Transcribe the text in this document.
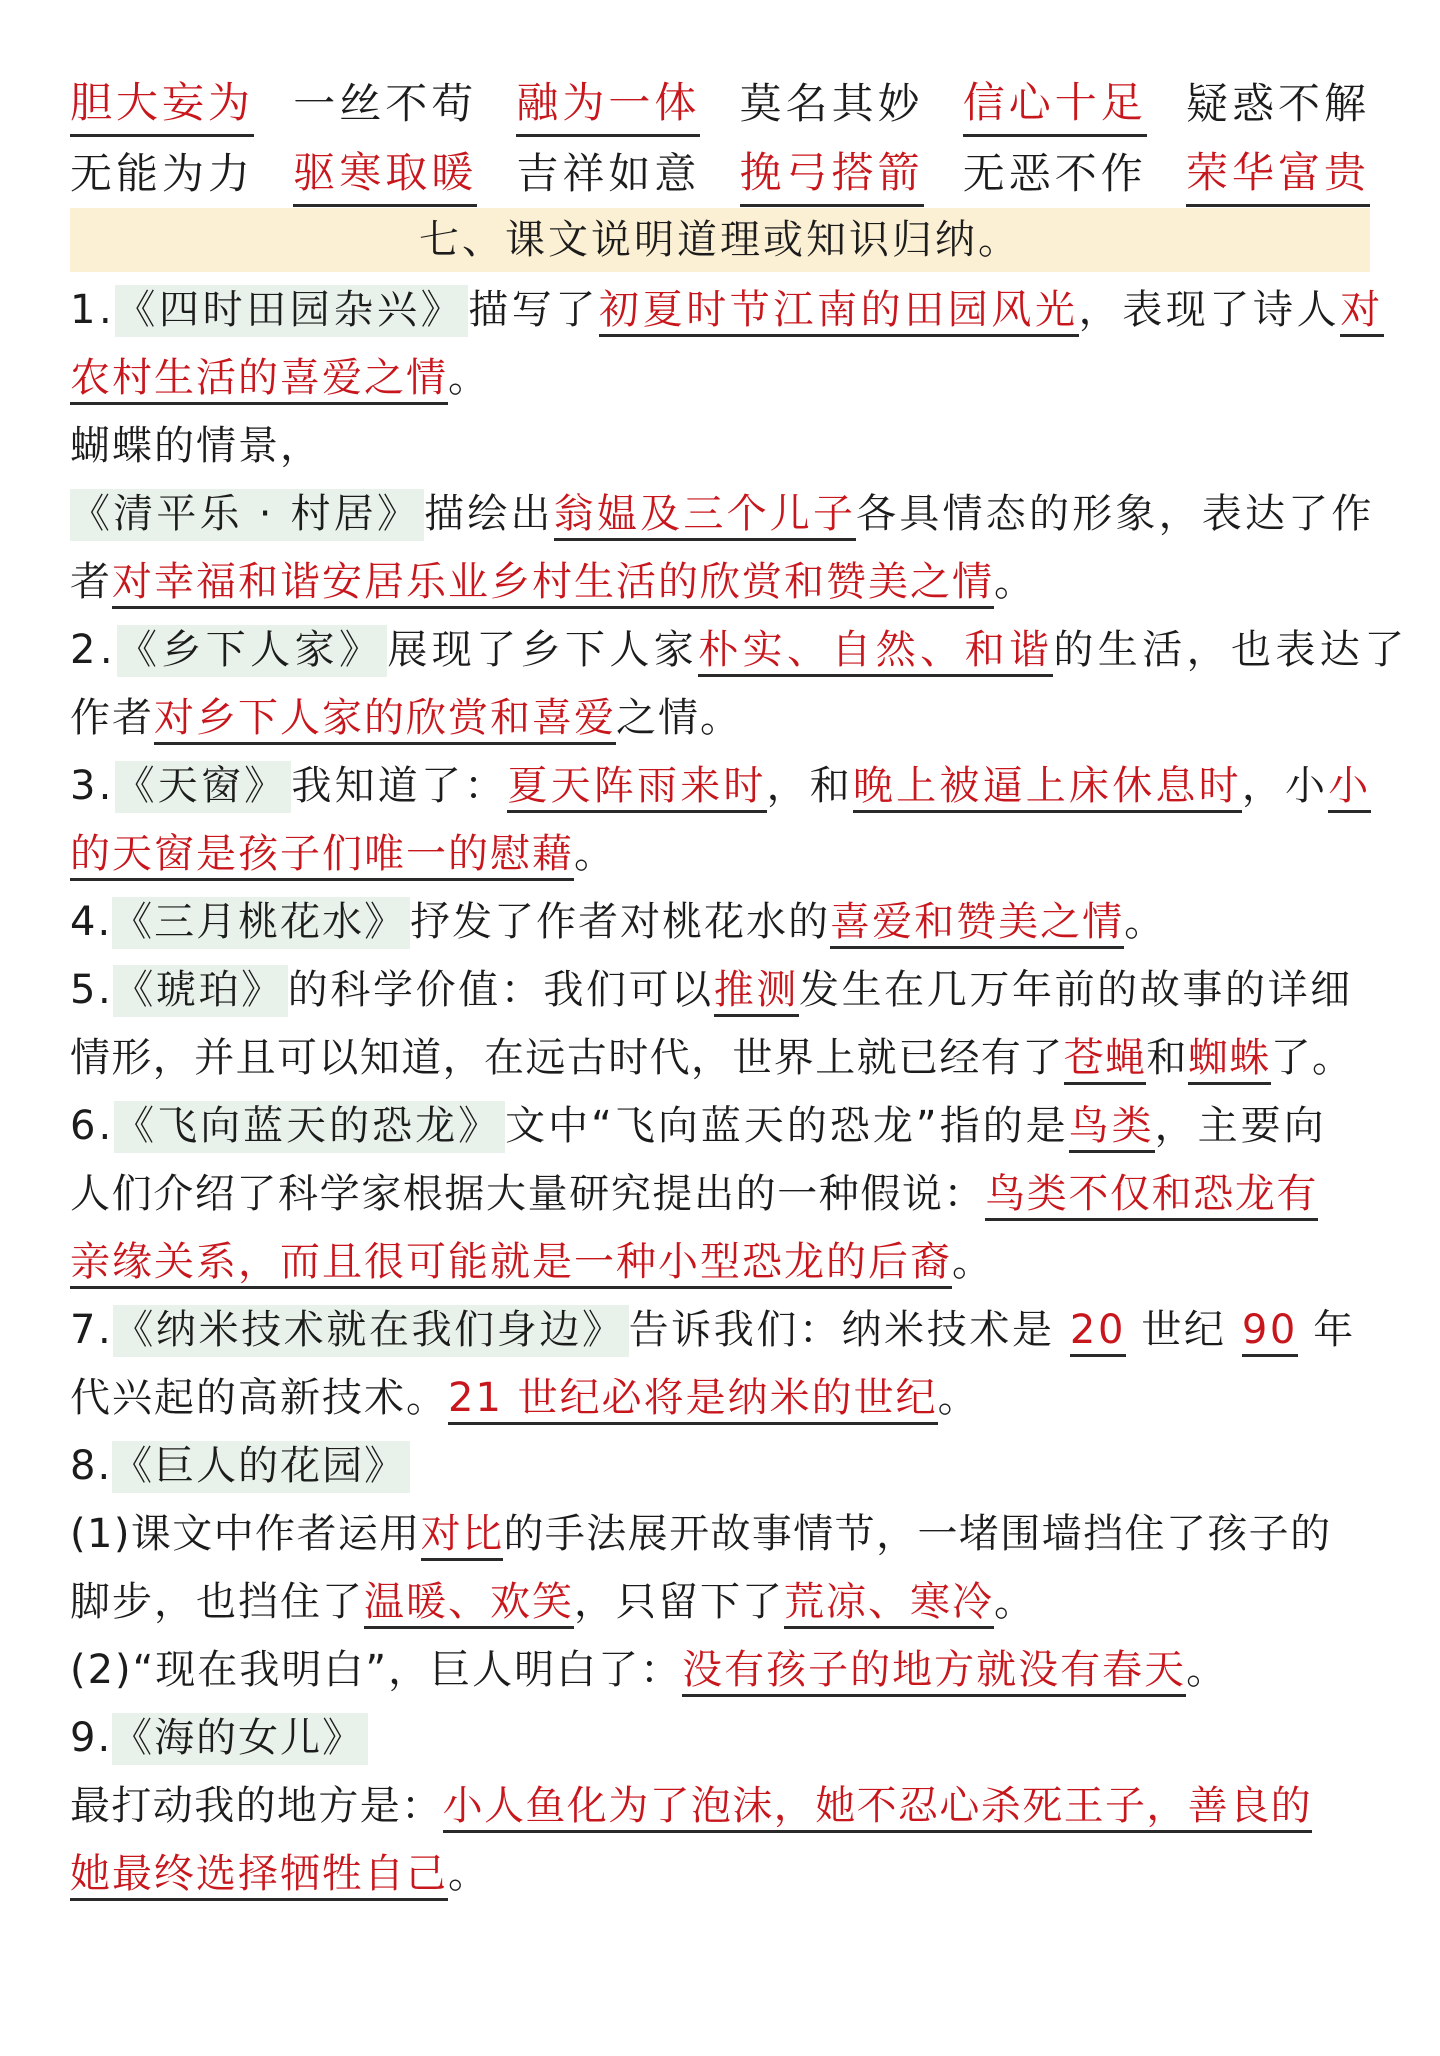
胆大妄为 一丝不苟 融为一体 莫名其妙 信心十足 疑惑不解
无能为力 驱寒取暖 吉祥如意 挽弓搭箭 无恶不作 荣华富贵
七、课文说明道理或知识归纳。
1.《四时田园杂兴》 描写了初夏时节江南的田园风光，表现了诗人对
农村生活的喜爱之情。
蝴蝶的情景，
《清平乐 · 村居》 描绘出翁媪及三个儿子各具情态的形象，表达了作
者对幸福和谐安居乐业乡村生活的欣赏和赞美之情。
2.《乡下人家》 展现了乡下人家朴实、自然、和谐的生活，也表达了
作者对乡下人家的欣赏和喜爱之情。
3.《天窗》 我知道了：夏天阵雨来时，和晚上被逼上床休息时，小小
的天窗是孩子们唯一的慰藉。
4.《三月桃花水》 抒发了作者对桃花水的喜爱和赞美之情。
5.《琥珀》 的科学价值：我们可以推测发生在几万年前的故事的详细
情形，并且可以知道，在远古时代，世界上就已经有了苍蝇和蜘蛛了。
6.《飞向蓝天的恐龙》 文中“飞向蓝天的恐龙”指的是鸟类，主要向
人们介绍了科学家根据大量研究提出的一种假说：鸟类不仅和恐龙有
亲缘关系，而且很可能就是一种小型恐龙的后裔。
7.《纳米技术就在我们身边》 告诉我们：纳米技术是 20 世纪 90 年
代兴起的高新技术。21 世纪必将是纳米的世纪。
8.《巨人的花园》
(1)课文中作者运用对比的手法展开故事情节，一堵围墙挡住了孩子的
脚步，也挡住了温暖、欢笑，只留下了荒凉、寒冷。
(2)“现在我明白”，巨人明白了：没有孩子的地方就没有春天。
9.《海的女儿》
最打动我的地方是：小人鱼化为了泡沫，她不忍心杀死王子，善良的
她最终选择牺牲自己。
